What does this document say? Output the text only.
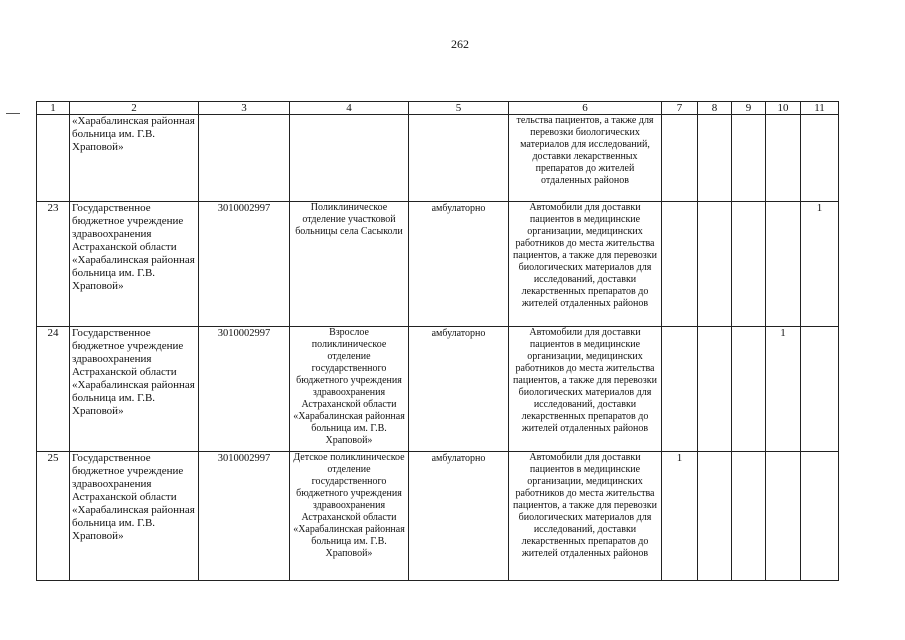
262
1	2	3	4	5	6	7	8	9	10	11
	«Харабалинская районная больница им. Г.В. Храповой»				тельства пациентов, а также для перевозки биологических материалов для исследований, доставки лекарственных препаратов до жителей отдаленных районов					
23	Государственное бюджетное учреждение здравоохранения Астраханской области «Харабалинская районная больница им. Г.В. Храповой»	3010002997	Поликлиническое отделение участковой больницы села Сасыколи	амбулаторно	Автомобили для доставки пациентов в медицинские организации, медицинских работников до места жительства пациентов, а также для перевозки биологических материалов для исследований, доставки лекарственных препаратов до жителей отдаленных районов					1
24	Государственное бюджетное учреждение здравоохранения Астраханской области «Харабалинская районная больница им. Г.В. Храповой»	3010002997	Взрослое поликлиническое отделение государственного бюджетного учреждения здравоохранения Астраханской области «Харабалинская районная больница им. Г.В. Храповой»	амбулаторно	Автомобили для доставки пациентов в медицинские организации, медицинских работников до места жительства пациентов, а также для перевозки биологических материалов для исследований, доставки лекарственных препаратов до жителей отдаленных районов				1	
25	Государственное бюджетное учреждение здравоохранения Астраханской области «Харабалинская районная больница им. Г.В. Храповой»	3010002997	Детское поликлиническое отделение государственного бюджетного учреждения здравоохранения Астраханской области «Харабалинская районная больница им. Г.В. Храповой»	амбулаторно	Автомобили для доставки пациентов в медицинские организации, медицинских работников до места жительства пациентов, а также для перевозки биологических материалов для исследований, доставки лекарственных препаратов до жителей отдаленных районов	1				
